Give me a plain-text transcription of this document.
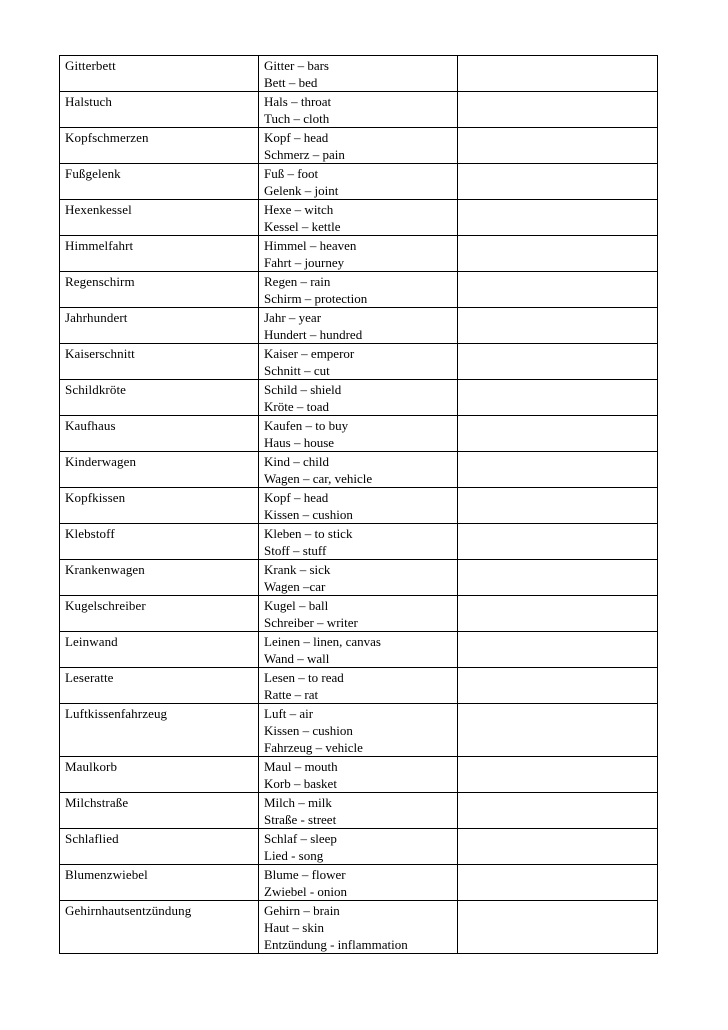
Gitterbett	Gitter – bars
Bett – bed	

Halstuch	Hals – throat
Tuch – cloth	

Kopfschmerzen	Kopf – head
Schmerz – pain	

Fußgelenk	Fuß – foot
Gelenk – joint	

Hexenkessel	Hexe – witch
Kessel – kettle	

Himmelfahrt	Himmel – heaven
Fahrt – journey	

Regenschirm	Regen – rain
Schirm – protection	

Jahrhundert	Jahr – year
Hundert – hundred	

Kaiserschnitt	Kaiser – emperor
Schnitt – cut	

Schildkröte	Schild – shield
Kröte – toad	

Kaufhaus	Kaufen – to buy
Haus – house	

Kinderwagen	Kind – child
Wagen – car, vehicle	

Kopfkissen	Kopf – head
Kissen – cushion	

Klebstoff	Kleben – to stick
Stoff – stuff	

Krankenwagen	Krank – sick
Wagen –car	

Kugelschreiber	Kugel – ball
Schreiber – writer	

Leinwand	Leinen – linen, canvas
Wand – wall	

Leseratte	Lesen – to read
Ratte – rat	

Luftkissenfahrzeug	Luft – air
Kissen – cushion
Fahrzeug – vehicle	

Maulkorb	Maul – mouth
Korb – basket	

Milchstraße	Milch – milk
Straße - street	

Schlaflied	Schlaf – sleep
Lied - song	

Blumenzwiebel	Blume – flower
Zwiebel - onion	

Gehirnhautsentzündung	Gehirn – brain
Haut – skin
Entzündung - inflammation	
